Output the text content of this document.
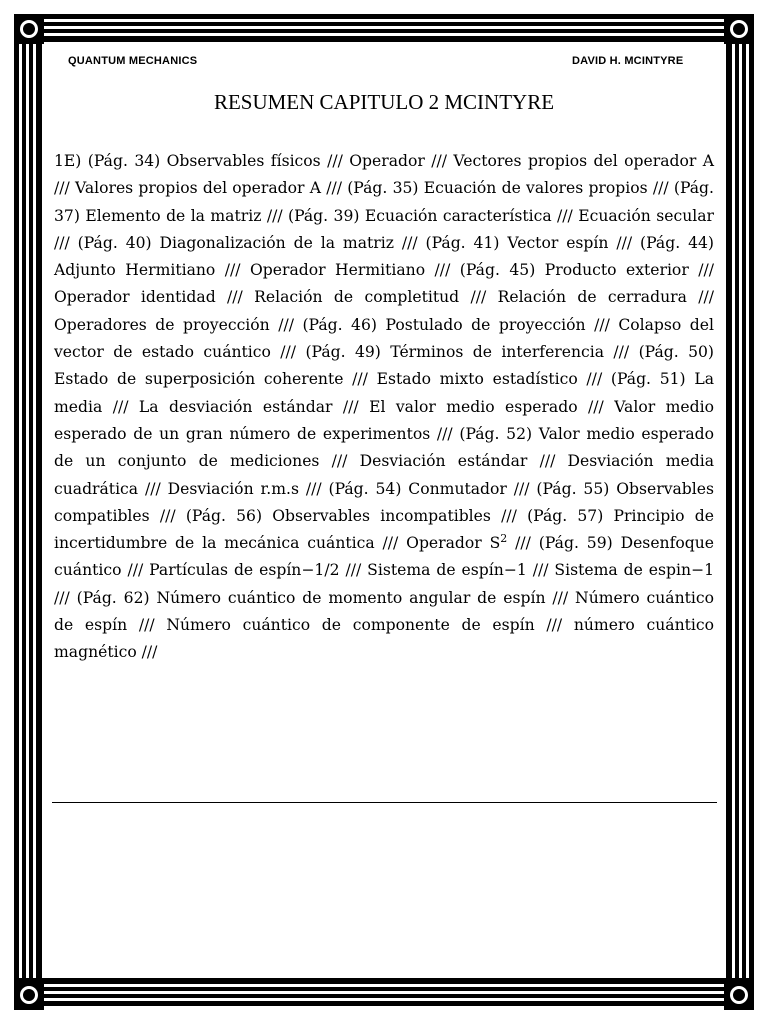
QUANTUM MECHANICS	DAVID H. MCINTYRE
RESUMEN CAPITULO 2 MCINTYRE
1E) (Pág. 34) Observables físicos /// Operador /// Vectores propios del operador A /// Valores propios del operador A /// (Pág. 35) Ecuación de valores propios /// (Pág. 37) Elemento de la matriz /// (Pág. 39) Ecuación característica /// Ecuación secular /// (Pág. 40) Diagonalización de la matriz /// (Pág. 41) Vector espín /// (Pág. 44) Adjunto Hermitiano /// Operador Hermitiano /// (Pág. 45) Producto exterior /// Operador identidad /// Relación de completitud /// Relación de cerradura /// Operadores de proyección /// (Pág. 46) Postulado de proyección /// Colapso del vector de estado cuántico /// (Pág. 49) Términos de interferencia /// (Pág. 50) Estado de superposición coherente /// Estado mixto estadístico /// (Pág. 51) La media /// La desviación estándar /// El valor medio esperado /// Valor medio esperado de un gran número de experimentos /// (Pág. 52) Valor medio esperado de un conjunto de mediciones /// Desviación estándar /// Desviación media cuadrática /// Desviación r.m.s /// (Pág. 54) Conmutador /// (Pág. 55) Observables compatibles /// (Pág. 56) Observables incompatibles /// (Pág. 57) Principio de incertidumbre de la mecánica cuántica /// Operador $S^2$ /// (Pág. 59) Desenfoque cuántico /// Partículas de espín−1/2 /// Sistema de espín−1 /// Sistema de espin−1 /// (Pág. 62) Número cuántico de momento angular de espín /// Número cuántico de espín /// Número cuántico de componente de espín /// número cuántico magnético ///
